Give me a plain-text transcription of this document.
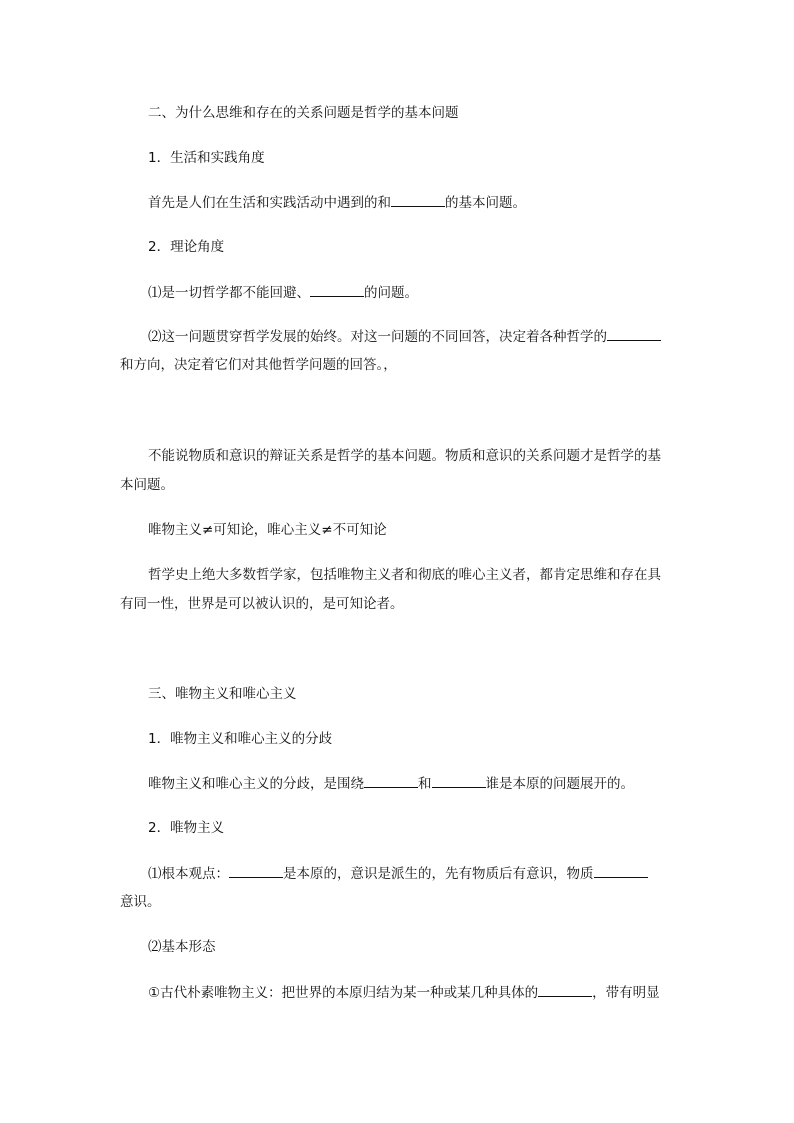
二、为什么思维和存在的关系问题是哲学的基本问题
1．生活和实践角度
首先是人们在生活和实践活动中遇到的和	的基本问题。
2．理论角度
⑴是一切哲学都不能回避、	的问题。
⑵这一问题贯穿哲学发展的始终。对这一问题的不同回答，决定着各种哲学的
和方向，决定着它们对其他哲学问题的回答。，
不能说物质和意识的辩证关系是哲学的基本问题。物质和意识的关系问题才是哲学的基
本问题。
唯物主义≠可知论，唯心主义≠不可知论
哲学史上绝大多数哲学家，包括唯物主义者和彻底的唯心主义者，都肯定思维和存在具
有同一性，世界是可以被认识的，是可知论者。
三、唯物主义和唯心主义
1．唯物主义和唯心主义的分歧
唯物主义和唯心主义的分歧，是围绕	和	谁是本原的问题展开的。
2．唯物主义
⑴根本观点：	是本原的，意识是派生的，先有物质后有意识，物质
意识。
⑵基本形态
①古代朴素唯物主义：把世界的本原归结为某一种或某几种具体的	，带有明显
